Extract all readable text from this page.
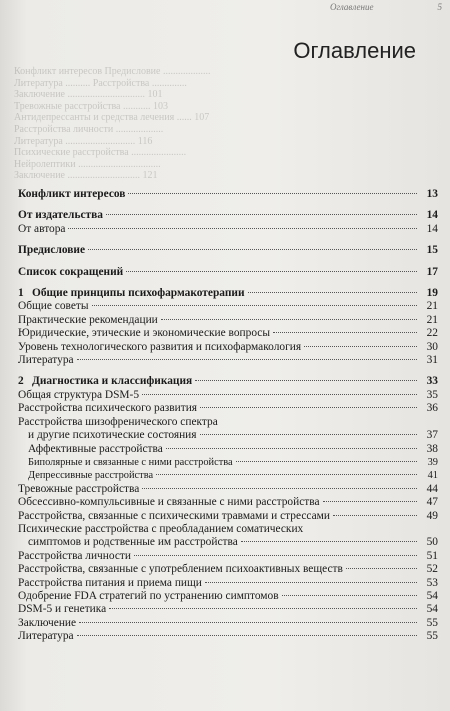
Оглавление	5
Конфликт интересов Предисловие ...................
Литература .......... Расстройства ..............
Заключение ............................... 101
Тревожные расстройства ........... 103
Антидепрессанты и средства лечения ...... 107
Расстройства личности ...................
Литература ............................ 116
Психические расстройства ......................
Нейролептики .................................
Заключение ............................. 121
Оглавление
Конфликт интересов	13
От издательства	14
От автора	14
Предисловие	15
Список сокращений	17
1 Общие принципы психофармакотерапии	19
Общие советы	21
Практические рекомендации	21
Юридические, этические и экономические вопросы	22
Уровень технологического развития и психофармакология	30
Литература	31
2 Диагностика и классификация	33
Общая структура DSM-5	35
Расстройства психического развития	36
Расстройства шизофренического спектра
и другие психотические состояния	37
Аффективные расстройства	38
Биполярные и связанные с ними расстройства	39
Депрессивные расстройства	41
Тревожные расстройства	44
Обсессивно-компульсивные и связанные с ними расстройства	47
Расстройства, связанные с психическими травмами и стрессами	49
Психические расстройства с преобладанием соматических
симптомов и родственные им расстройства	50
Расстройства личности	51
Расстройства, связанные с употреблением психоактивных веществ	52
Расстройства питания и приема пищи	53
Одобрение FDA стратегий по устранению симптомов	54
DSM-5 и генетика	54
Заключение	55
Литература	55
